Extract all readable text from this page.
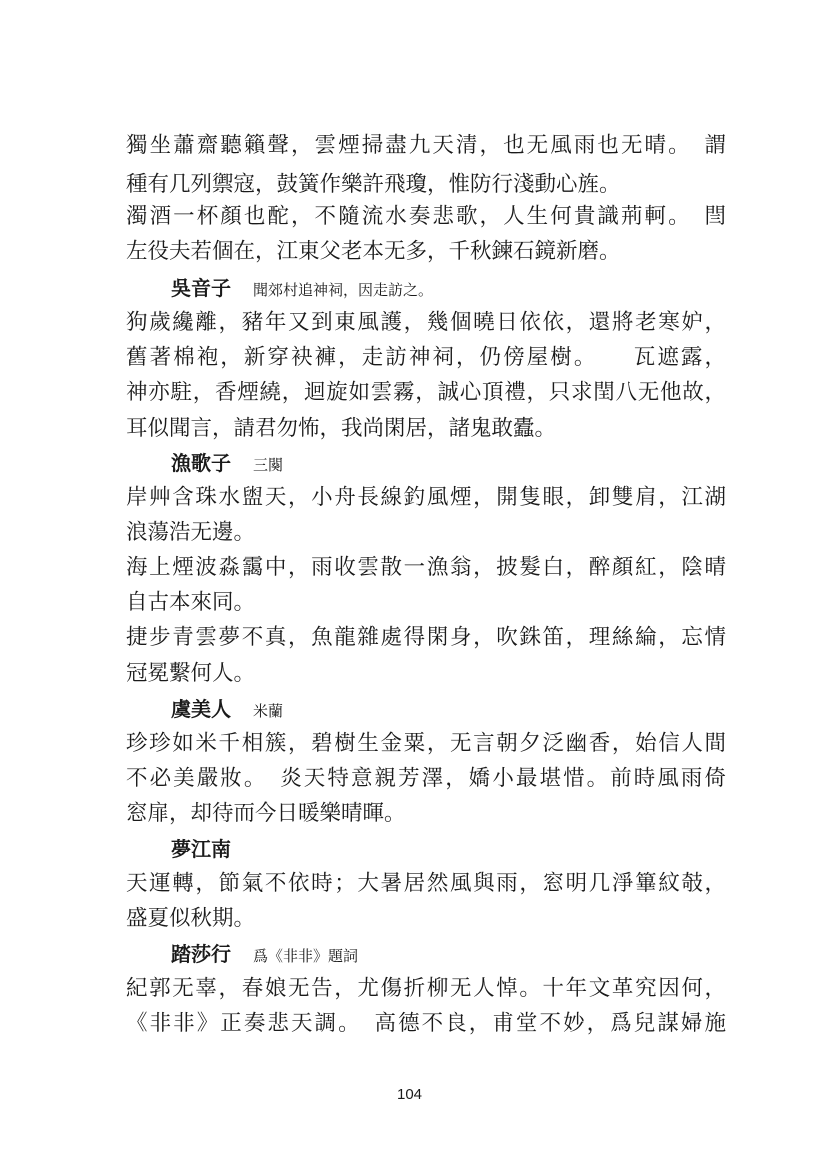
獨坐蕭齋聽籟聲，雲煙掃盡九天清，也无風雨也无晴。　謂
種有几列禦寇，鼓簧作樂許飛瓊，惟防行淺動心旌。
濁酒一杯顏也酡，不隨流水奏悲歌，人生何貴識荊軻。　閆
左役夫若個在，江東父老本无多，千秋鍊石鏡新磨。
吳音子 聞郊村追神祠，因走訪之。
狗歲纔離，豬年又到東風護，幾個曉日依依，還將老寒妒，
舊著棉袍，新穿袂褲，走訪神祠，仍傍屋樹。　　瓦遮露，
神亦駐，香煙繞，迴旋如雲霧，誠心頂禮，只求閏八无他故，
耳似聞言，請君勿怖，我尚閑居，諸鬼敢蠹。
漁歌子 三闋
岸艸含珠水盥天，小舟長線釣風煙，開隻眼，卸雙肩，江湖
浪蕩浩无邊。
海上煙波淼靄中，雨收雲散一漁翁，披髮白，醉顏紅，陰晴
自古本來同。
捷步青雲夢不真，魚龍雜處得閑身，吹銖笛，理絲綸，忘情
冠冕繫何人。
虞美人 米蘭
珍珍如米千相簇，碧樹生金粟，无言朝夕泛幽香，始信人間
不必美嚴妝。　炎天特意親芳澤，嬌小最堪惜。前時風雨倚
窓扉，却待而今日暖樂晴暉。
夢江南
天運轉，節氣不依時；大暑居然風與雨，窓明几淨篳紋攲，
盛夏似秋期。
踏莎行 爲《非非》題詞
紀郭无辜，春娘无告，尤傷折柳无人悼。十年文革究因何，
《非非》正奏悲天調。　高德不良，甫堂不妙，爲兒謀婦施
104
